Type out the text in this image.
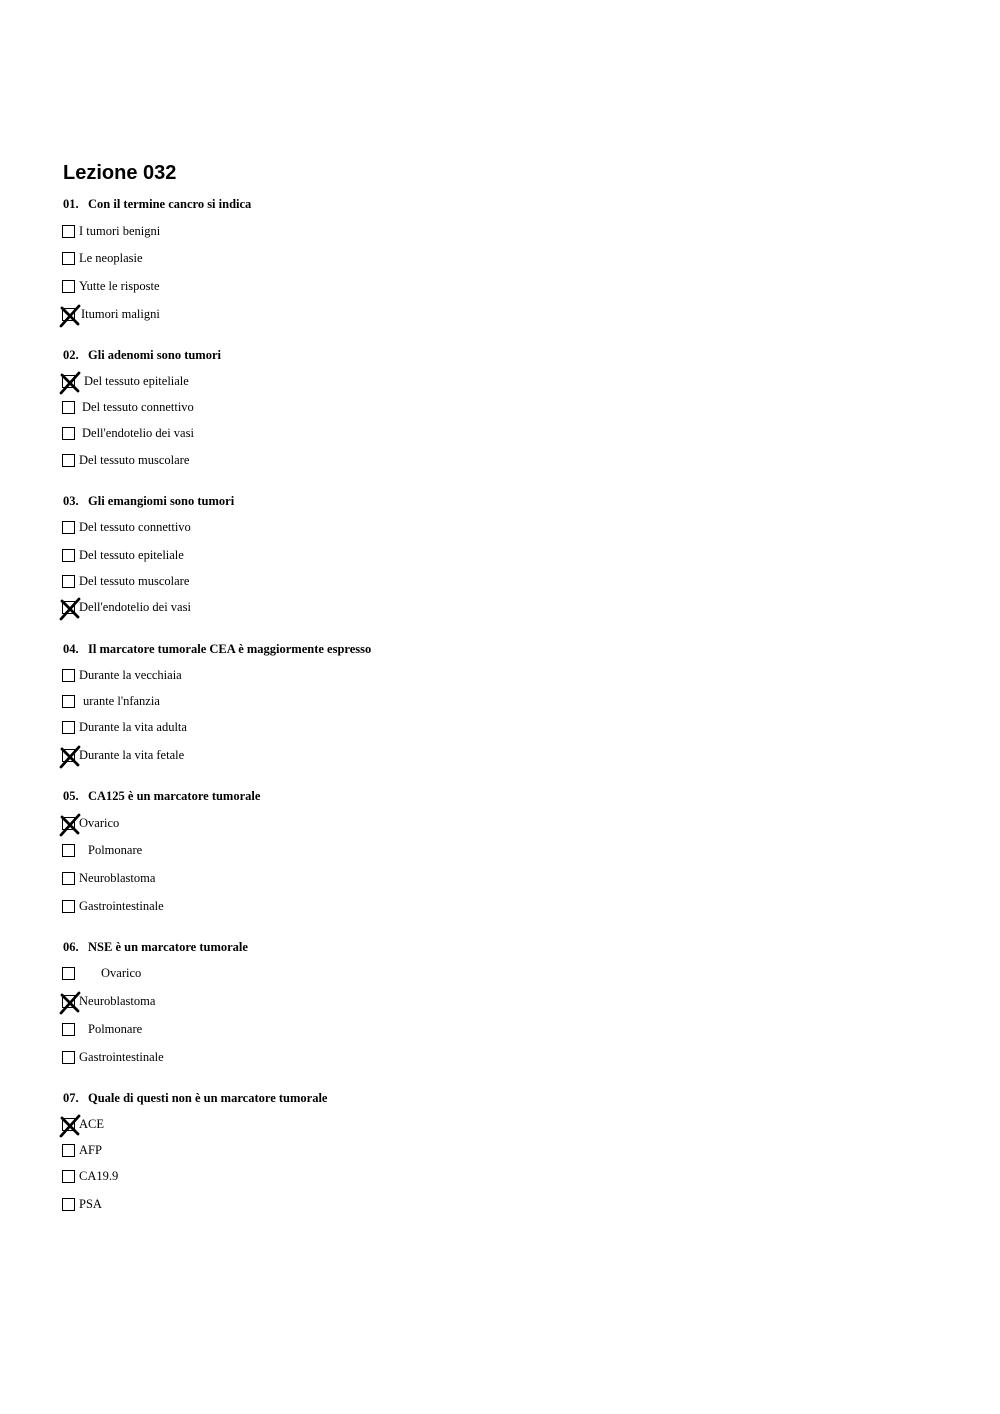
Lezione 032
01. Con il termine cancro si indica
I tumori benigni
Le neoplasie
Yutte le risposte
Itumori maligni
02. Gli adenomi sono tumori
Del tessuto epiteliale
Del tessuto connettivo
Dell'endotelio dei vasi
Del tessuto muscolare
03. Gli emangiomi sono tumori
Del tessuto connettivo
Del tessuto epiteliale
Del tessuto muscolare
Dell'endotelio dei vasi
04. Il marcatore tumorale CEA è maggiormente espresso
Durante la vecchiaia
urante l'nfanzia
Durante la vita adulta
Durante la vita fetale
05. CA125 è un marcatore tumorale
Ovarico
Polmonare
Neuroblastoma
Gastrointestinale
06. NSE è un marcatore tumorale
Ovarico
Neuroblastoma
Polmonare
Gastrointestinale
07. Quale di questi non è un marcatore tumorale
ACE
AFP
CA19.9
PSA
